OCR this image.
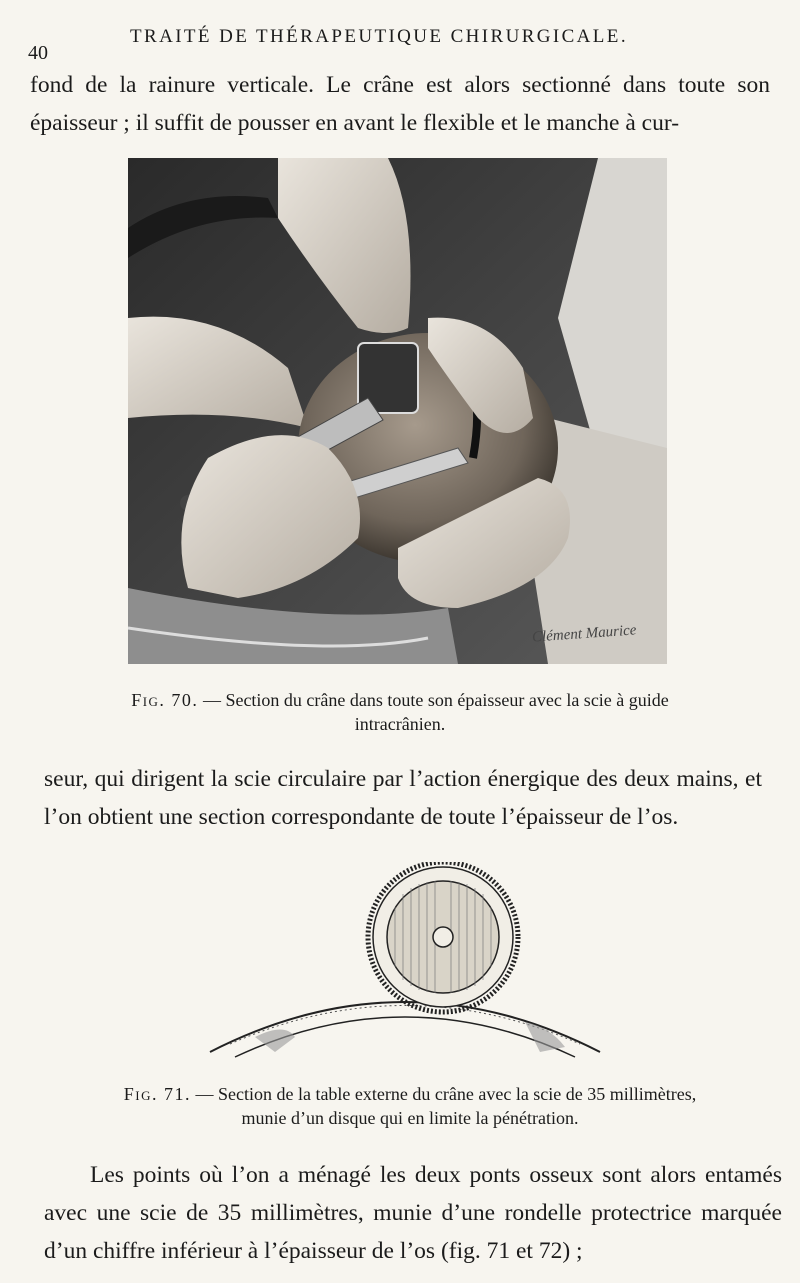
40
TRAITÉ DE THÉRAPEUTIQUE CHIRURGICALE.
fond de la rainure verticale. Le crâne est alors sectionné dans toute son épaisseur ; il suffit de pousser en avant le flexible et le manche à cur-
Clément Maurice
Fig. 70. — Section du crâne dans toute son épaisseur avec la scie à guide intracrânien.
seur, qui dirigent la scie circulaire par l’action énergique des deux mains, et l’on obtient une section correspondante de toute l’épaisseur de l’os.
Fig. 71. — Section de la table externe du crâne avec la scie de 35 millimètres, munie d’un disque qui en limite la pénétration.
Les points où l’on a ménagé les deux ponts osseux sont alors entamés avec une scie de 35 millimètres, munie d’une rondelle protectrice marquée d’un chiffre inférieur à l’épaisseur de l’os (fig. 71 et 72) ;
